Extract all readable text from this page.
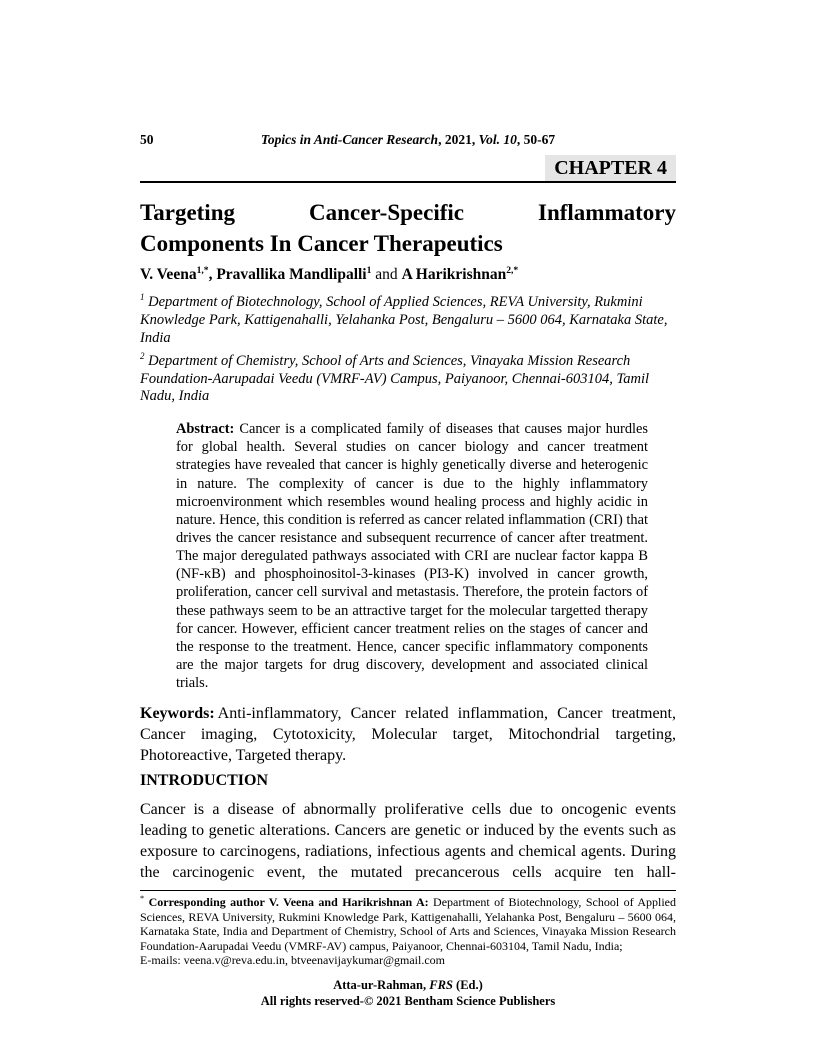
50	Topics in Anti-Cancer Research, 2021, Vol. 10, 50-67
CHAPTER 4
Targeting Cancer-Specific Inflammatory
Components In Cancer Therapeutics

V. Veena$^{1,*}$, Pravallika Mandlipalli$^1$ and A Harikrishnan$^{2,*}$

$^1$ Department of Biotechnology, School of Applied Sciences, REVA University, Rukmini Knowledge Park, Kattigenahalli, Yelahanka Post, Bengaluru – 5600 064, Karnataka State, India

$^2$ Department of Chemistry, School of Arts and Sciences, Vinayaka Mission Research Foundation-Aarupadai Veedu (VMRF-AV) Campus, Paiyanoor, Chennai-603104, Tamil Nadu, India

Abstract: Cancer is a complicated family of diseases that causes major hurdles for global health. Several studies on cancer biology and cancer treatment strategies have revealed that cancer is highly genetically diverse and heterogenic in nature. The complexity of cancer is due to the highly inflammatory microenvironment which resembles wound healing process and highly acidic in nature. Hence, this condition is referred as cancer related inflammation (CRI) that drives the cancer resistance and subsequent recurrence of cancer after treatment. The major deregulated pathways associated with CRI are nuclear factor kappa B (NF-κB) and phosphoinositol-3-kinases (PI3-K) involved in cancer growth, proliferation, cancer cell survival and metastasis. Therefore, the protein factors of these pathways seem to be an attractive target for the molecular targetted therapy for cancer. However, efficient cancer treatment relies on the stages of cancer and the response to the treatment. Hence, cancer specific inflammatory components are the major targets for drug discovery, development and associated clinical trials.

Keywords: Anti-inflammatory, Cancer related inflammation, Cancer treatment, Cancer imaging, Cytotoxicity, Molecular target, Mitochondrial targeting, Photoreactive, Targeted therapy.

INTRODUCTION

Cancer is a disease of abnormally proliferative cells due to oncogenic events leading to genetic alterations. Cancers are genetic or induced by the events such as exposure to carcinogens, radiations, infectious agents and chemical agents. During the carcinogenic event, the mutated precancerous cells acquire ten hall-

* Corresponding author V. Veena and Harikrishnan A: Department of Biotechnology, School of Applied Sciences, REVA University, Rukmini Knowledge Park, Kattigenahalli, Yelahanka Post, Bengaluru – 5600 064, Karnataka State, India and Department of Chemistry, School of Arts and Sciences, Vinayaka Mission Research Foundation-Aarupadai Veedu (VMRF-AV) campus, Paiyanoor, Chennai-603104, Tamil Nadu, India;

E-mails: veena.v@reva.edu.in, btveenavijaykumar@gmail.com

Atta-ur-Rahman, FRS (Ed.)

All rights reserved-© 2021 Bentham Science Publishers
